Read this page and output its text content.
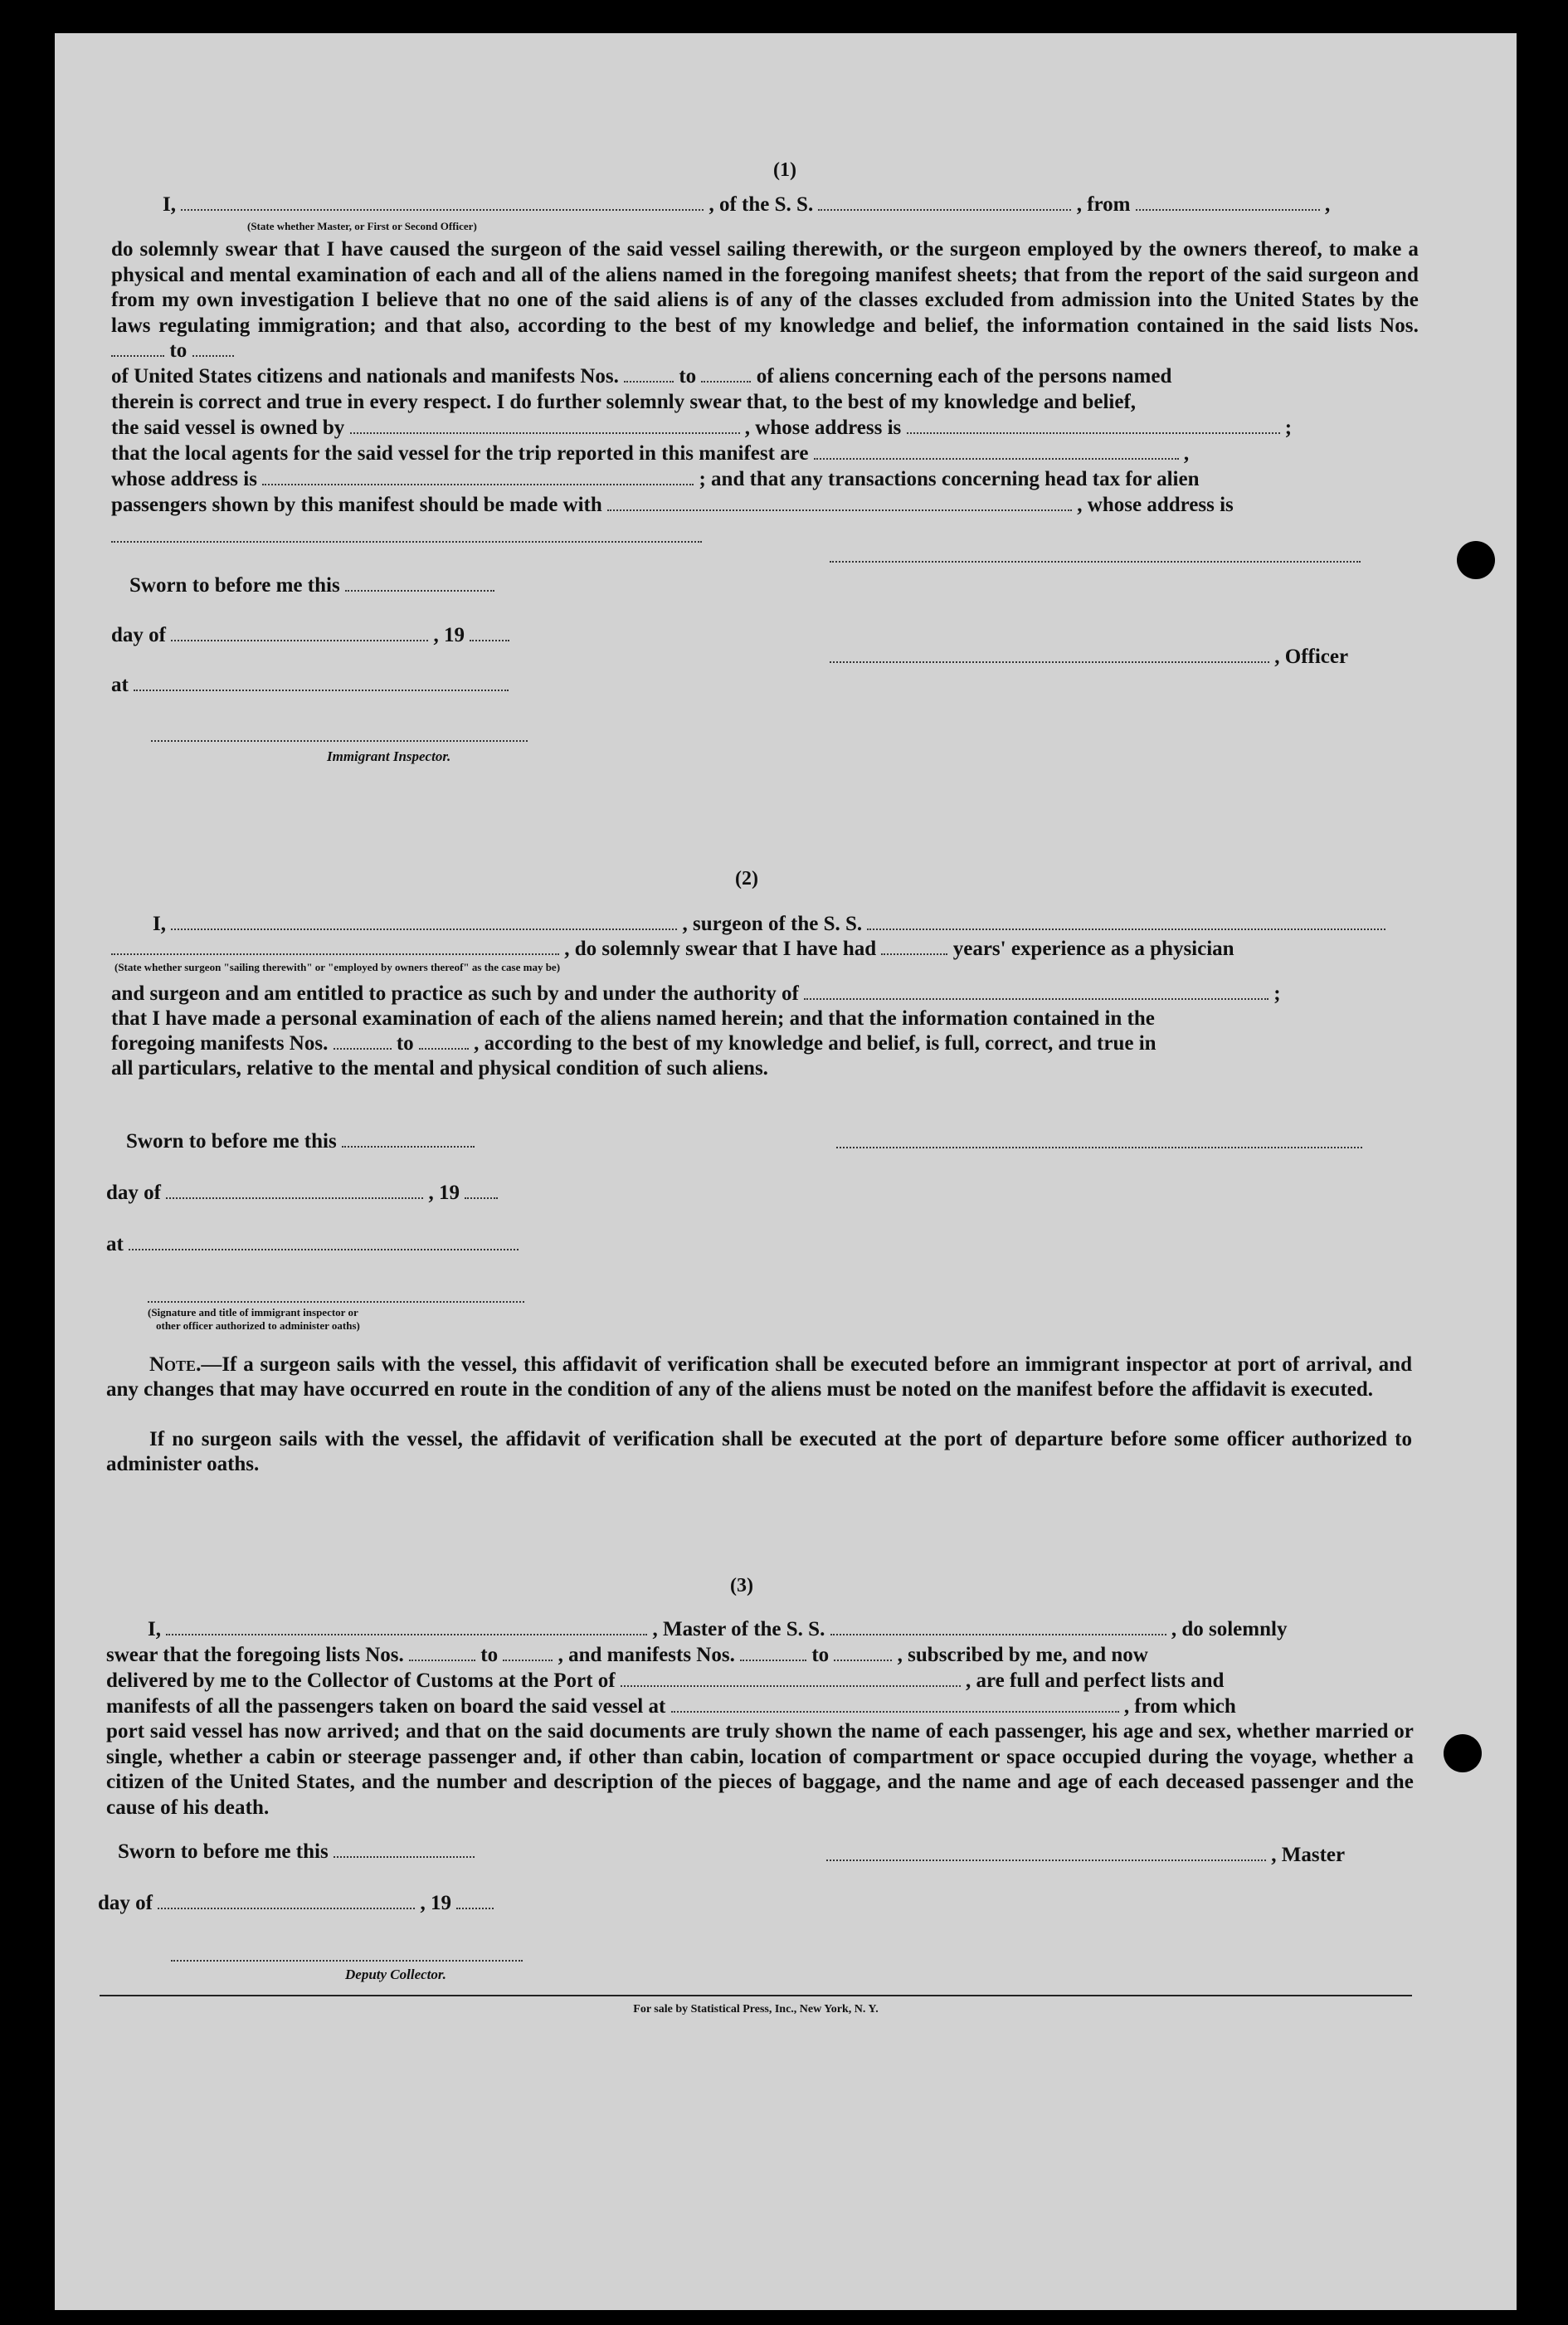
(1)
I,	, of the S. S.	, from	,
(State whether Master, or First or Second Officer)
do solemnly swear that I have caused the surgeon of the said vessel sailing therewith, or the surgeon employed by the owners thereof, to make a physical and mental examination of each and all of the aliens named in the foregoing manifest sheets; that from the report of the said surgeon and from my own investigation I believe that no one of the said aliens is of any of the classes excluded from admission into the United States by the laws regulating immigration; and that also, according to the best of my knowledge and belief, the information contained in the said lists Nos.  to
of United States citizens and nationals and manifests Nos.	to	of aliens concerning each of the persons named
therein is correct and true in every respect. I do further solemnly swear that, to the best of my knowledge and belief,
the said vessel is owned by	, whose address is	;
that the local agents for the said vessel for the trip reported in this manifest are	,
whose address is	; and that any transactions concerning head tax for alien
passengers shown by this manifest should be made with	, whose address is
Sworn to before me this
day of	, 19
at
Immigrant Inspector.
, Officer
(2)
I,	, surgeon of the S. S.
, do solemnly swear that I have had	years' experience as a physician
(State whether surgeon "sailing therewith" or "employed by owners thereof" as the case may be)
and surgeon and am entitled to practice as such by and under the authority of	;
that I have made a personal examination of each of the aliens named herein; and that the information contained in the
foregoing manifests Nos.	to	, according to the best of my knowledge and belief, is full, correct, and true in
all particulars, relative to the mental and physical condition of such aliens.
Sworn to before me this
day of	, 19
at
(Signature and title of immigrant inspector or
other officer authorized to administer oaths)
Note.—If a surgeon sails with the vessel, this affidavit of verification shall be executed before an immigrant inspector at port of arrival, and any changes that may have occurred en route in the condition of any of the aliens must be noted on the manifest before the affidavit is executed.
If no surgeon sails with the vessel, the affidavit of verification shall be executed at the port of departure before some officer authorized to administer oaths.
(3)
I,	, Master of the S. S.	, do solemnly
swear that the foregoing lists Nos.	to	, and manifests Nos.	to	, subscribed by me, and now
delivered by me to the Collector of Customs at the Port of	, are full and perfect lists and
manifests of all the passengers taken on board the said vessel at	, from which
port said vessel has now arrived; and that on the said documents are truly shown the name of each passenger, his age and sex, whether married or single, whether a cabin or steerage passenger and, if other than cabin, location of compartment or space occupied during the voyage, whether a citizen of the United States, and the number and description of the pieces of baggage, and the name and age of each deceased passenger and the cause of his death.
Sworn to before me this	, Master
day of	, 19
Deputy Collector.
For sale by Statistical Press, Inc., New York, N. Y.
